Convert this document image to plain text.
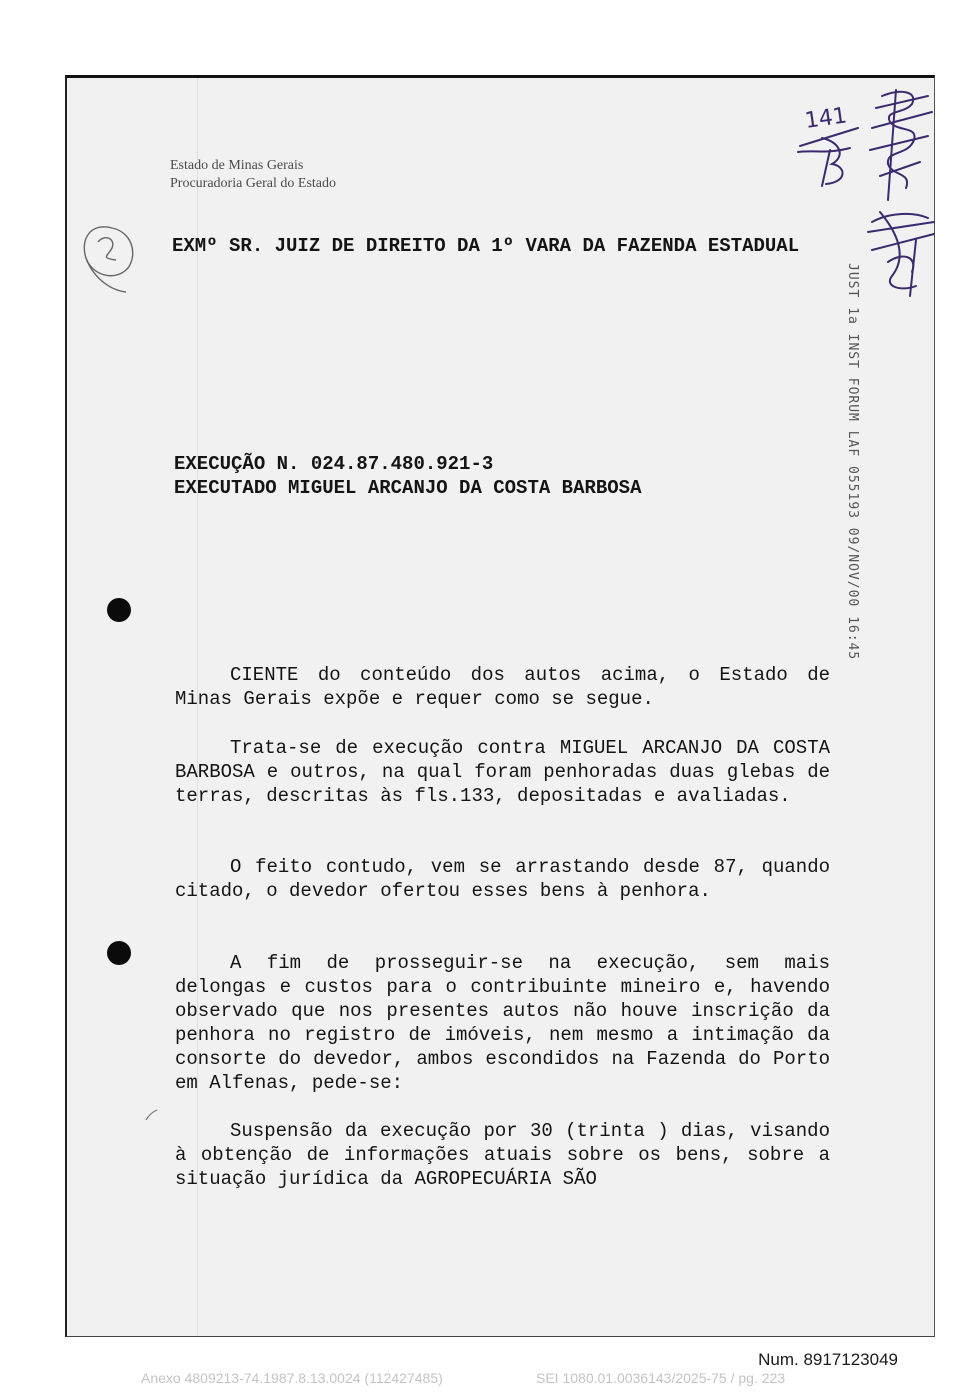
Estado de Minas Gerais
Procuradoria Geral do Estado
EXMº SR. JUIZ DE DIREITO DA 1º VARA DA FAZENDA ESTADUAL
EXECUÇÃO N. 024.87.480.921-3
EXECUTADO MIGUEL ARCANJO DA COSTA BARBOSA
CIENTE do conteúdo dos autos acima, o Estado de Minas Gerais expõe e requer como se segue.
Trata-se de execução contra MIGUEL ARCANJO DA COSTA BARBOSA e outros, na qual foram penhoradas duas glebas de terras, descritas às fls.133, depositadas e avaliadas.
O feito contudo, vem se arrastando desde 87, quando citado, o devedor ofertou esses bens à penhora.
A fim de prosseguir-se na execução, sem mais delongas e custos para o contribuinte mineiro e, havendo observado que nos presentes autos não houve inscrição da penhora no registro de imóveis, nem mesmo a intimação da consorte do devedor, ambos escondidos na Fazenda do Porto em Alfenas, pede-se:
Suspensão da execução por 30 (trinta ) dias, visando à obtenção de informações atuais sobre os bens, sobre a situação jurídica da AGROPECUÁRIA SÃO
JUST 1a INST FORUM LAF 055193 09/NOV/00 16:45
141
Num. 8917123049
Anexo 4809213-74.1987.8.13.0024 (112427485)	SEI 1080.01.0036143/2025-75 / pg. 223
